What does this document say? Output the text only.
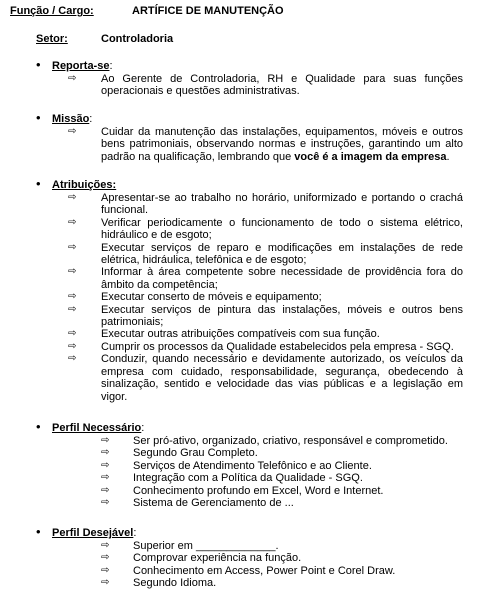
Função / Cargo:	ARTÍFICE DE MANUTENÇÃO
Setor:	Controladoria
• Reporta-se:
⇨ Ao Gerente de Controladoria, RH e Qualidade para suas funções operacionais e questões administrativas.
• Missão:
⇨ Cuidar da manutenção das instalações, equipamentos, móveis e outros bens patrimoniais, observando normas e instruções, garantindo um alto padrão na qualificação, lembrando que você é a imagem da empresa.
• Atribuições:
⇨ Apresentar-se ao trabalho no horário, uniformizado e portando o crachá funcional.
⇨ Verificar periodicamente o funcionamento de todo o sistema elétrico, hidráulico e de esgoto;
⇨ Executar serviços de reparo e modificações em instalações de rede elétrica, hidráulica, telefônica e de esgoto;
⇨ Informar à área competente sobre necessidade de providência fora do âmbito da competência;
⇨ Executar conserto de móveis e equipamento;
⇨ Executar serviços de pintura das instalações, móveis e outros bens patrimoniais;
⇨ Executar outras atribuições compatíveis com sua função.
⇨ Cumprir os processos da Qualidade estabelecidos pela empresa - SGQ.
⇨ Conduzir, quando necessário e devidamente autorizado, os veículos da empresa com cuidado, responsabilidade, segurança, obedecendo à sinalização, sentido e velocidade das vias públicas e a legislação em vigor.
• Perfil Necessário:
⇨ Ser pró-ativo, organizado, criativo, responsável e comprometido.
⇨ Segundo Grau Completo.
⇨ Serviços de Atendimento Telefônico e ao Cliente.
⇨ Integração com a Política da Qualidade - SGQ.
⇨ Conhecimento profundo em Excel, Word e Internet.
⇨ Sistema de Gerenciamento de ...
• Perfil Desejável:
⇨ Superior em _____________.
⇨ Comprovar experiência na função.
⇨ Conhecimento em Access, Power Point e Corel Draw.
⇨ Segundo Idioma.
